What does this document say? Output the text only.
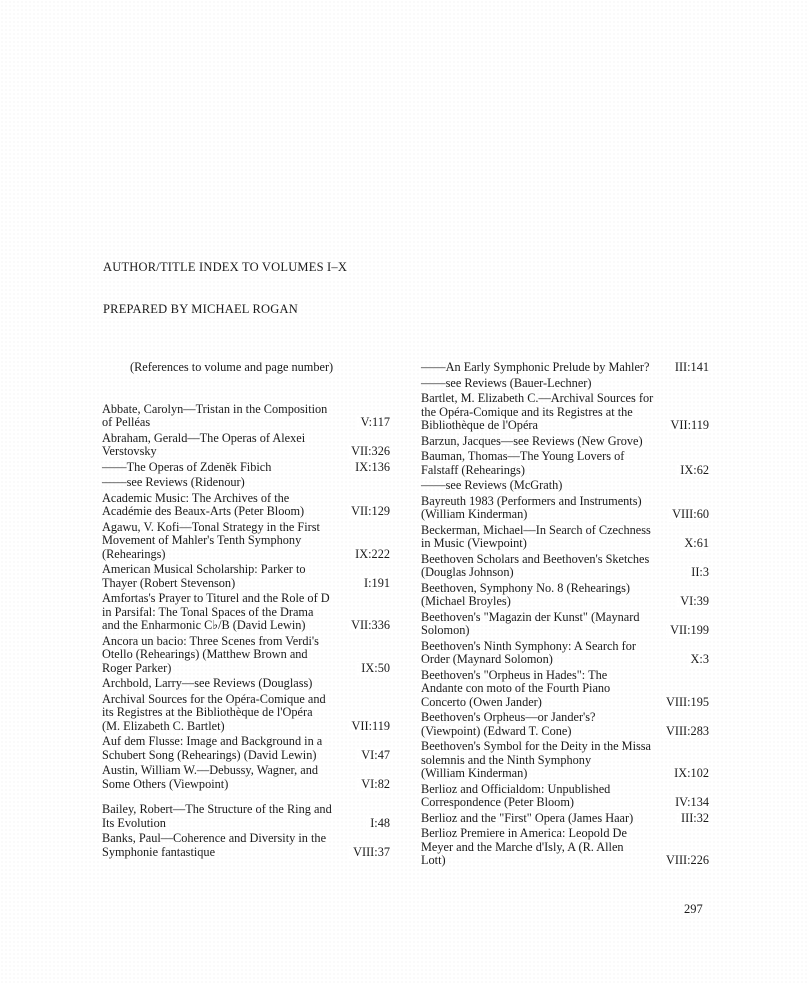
AUTHOR/TITLE INDEX TO VOLUMES I–X
PREPARED BY MICHAEL ROGAN
(References to volume and page number)
Abbate, Carolyn—Tristan in the Composition
of Pelléas	V:117
Abraham, Gerald—The Operas of Alexei
Verstovsky	VII:326
——The Operas of Zdeněk Fibich	IX:136
——see Reviews (Ridenour)
Academic Music: The Archives of the
Académie des Beaux-Arts (Peter Bloom)	VII:129
Agawu, V. Kofi—Tonal Strategy in the First
Movement of Mahler's Tenth Symphony
(Rehearings)	IX:222
American Musical Scholarship: Parker to
Thayer (Robert Stevenson)	I:191
Amfortas's Prayer to Titurel and the Role of D
in Parsifal: The Tonal Spaces of the Drama
and the Enharmonic C♭/B (David Lewin)	VII:336
Ancora un bacio: Three Scenes from Verdi's
Otello (Rehearings) (Matthew Brown and
Roger Parker)	IX:50
Archbold, Larry—see Reviews (Douglass)
Archival Sources for the Opéra-Comique and
its Registres at the Bibliothèque de l'Opéra
(M. Elizabeth C. Bartlet)	VII:119
Auf dem Flusse: Image and Background in a
Schubert Song (Rehearings) (David Lewin)	VI:47
Austin, William W.—Debussy, Wagner, and
Some Others (Viewpoint)	VI:82
Bailey, Robert—The Structure of the Ring and
Its Evolution	I:48
Banks, Paul—Coherence and Diversity in the
Symphonie fantastique	VIII:37
——An Early Symphonic Prelude by Mahler?	III:141
——see Reviews (Bauer-Lechner)
Bartlet, M. Elizabeth C.—Archival Sources for
the Opéra-Comique and its Registres at the
Bibliothèque de l'Opéra	VII:119
Barzun, Jacques—see Reviews (New Grove)
Bauman, Thomas—The Young Lovers of
Falstaff (Rehearings)	IX:62
——see Reviews (McGrath)
Bayreuth 1983 (Performers and Instruments)
(William Kinderman)	VIII:60
Beckerman, Michael—In Search of Czechness
in Music (Viewpoint)	X:61
Beethoven Scholars and Beethoven's Sketches
(Douglas Johnson)	II:3
Beethoven, Symphony No. 8 (Rehearings)
(Michael Broyles)	VI:39
Beethoven's "Magazin der Kunst" (Maynard
Solomon)	VII:199
Beethoven's Ninth Symphony: A Search for
Order (Maynard Solomon)	X:3
Beethoven's "Orpheus in Hades": The
Andante con moto of the Fourth Piano
Concerto (Owen Jander)	VIII:195
Beethoven's Orpheus—or Jander's?
(Viewpoint) (Edward T. Cone)	VIII:283
Beethoven's Symbol for the Deity in the Missa
solemnis and the Ninth Symphony
(William Kinderman)	IX:102
Berlioz and Officialdom: Unpublished
Correspondence (Peter Bloom)	IV:134
Berlioz and the "First" Opera (James Haar)	III:32
Berlioz Premiere in America: Leopold De
Meyer and the Marche d'Isly, A (R. Allen
Lott)	VIII:226
297
